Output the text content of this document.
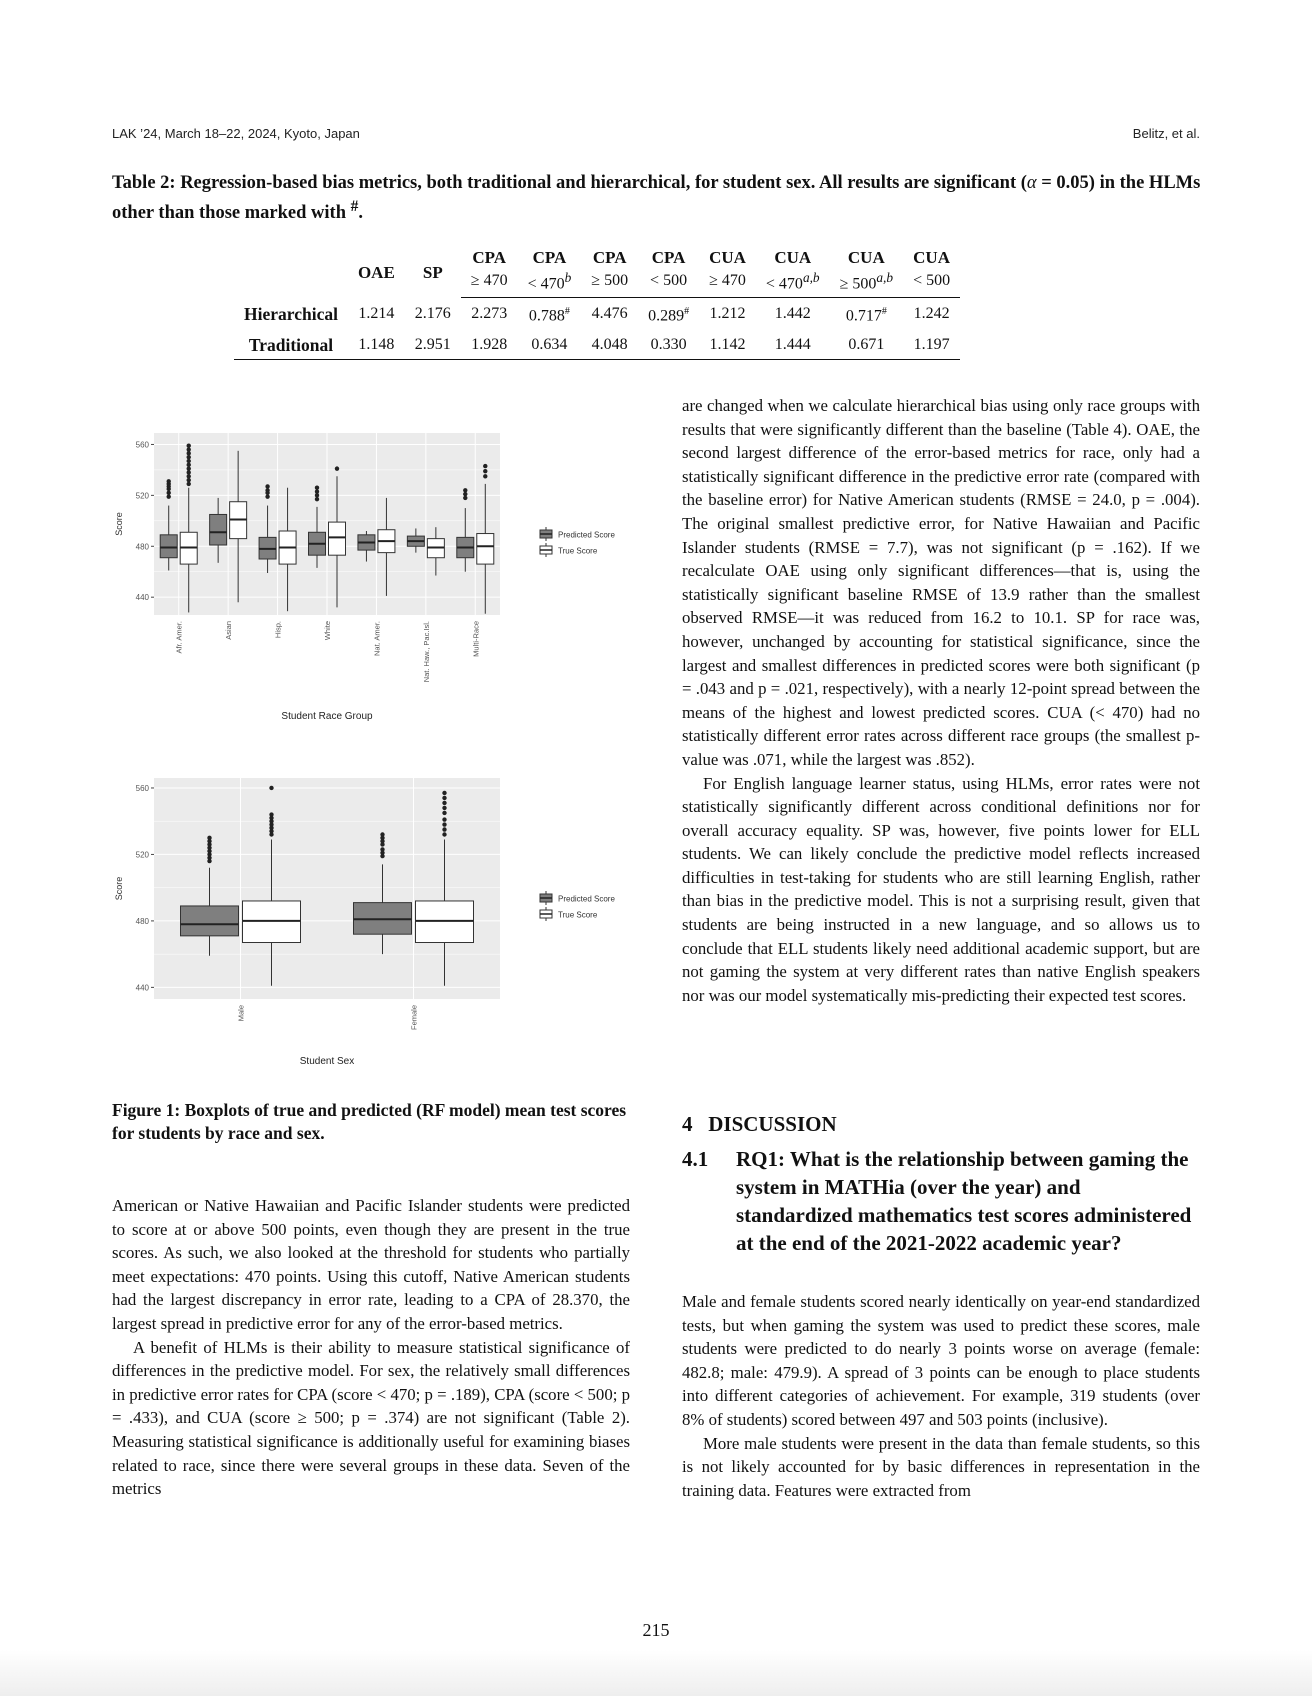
LAK ’24, March 18–22, 2024, Kyoto, Japan	Belitz, et al.

Table 2: Regression-based bias metrics, both traditional and hierarchical, for student sex. All results are significant (α = 0.05) in the HLMs other than those marked with #.

	OAE	SP	CPA	CPA	CPA	CPA	CUA	CUA	CUA	CUA
			≥ 470	< $470^b$	≥ 500	< 500	≥ 470	< $470^{a,b}$	≥ $500^{a,b}$	< 500
Hierarchical	1.214	2.176	2.273	0.788#	4.476	0.289#	1.212	1.442	0.717#	1.242
Traditional	1.148	2.951	1.928	0.634	4.048	0.330	1.142	1.444	0.671	1.197
440
480
520
560
Afr. Amer.	Asian	Hisp.	White	Nat. Amer.	Nat. Haw., Pac.Isl.	Multi-Race
Score
Student Race Group
Predicted Score
True Score
440
480
520
560
Male	Female
Score
Student Sex
Predicted Score
True Score

Figure 1: Boxplots of true and predicted (RF model) mean test scores for students by race and sex.

American or Native Hawaiian and Pacific Islander students were predicted to score at or above 500 points, even though they are present in the true scores. As such, we also looked at the threshold for students who partially meet expectations: 470 points. Using this cutoff, Native American students had the largest discrepancy in error rate, leading to a CPA of 28.370, the largest spread in predictive error for any of the error-based metrics.

A benefit of HLMs is their ability to measure statistical significance of differences in the predictive model. For sex, the relatively small differences in predictive error rates for CPA (score < 470; p = .189), CPA (score < 500; p = .433), and CUA (score ≥ 500; p = .374) are not significant (Table 2). Measuring statistical significance is additionally useful for examining biases related to race, since there were several groups in these data. Seven of the metrics

are changed when we calculate hierarchical bias using only race groups with results that were significantly different than the baseline (Table 4). OAE, the second largest difference of the error-based metrics for race, only had a statistically significant difference in the predictive error rate (compared with the baseline error) for Native American students (RMSE = 24.0, p = .004). The original smallest predictive error, for Native Hawaiian and Pacific Islander students (RMSE = 7.7), was not significant (p = .162). If we recalculate OAE using only significant differences—that is, using the statistically significant baseline RMSE of 13.9 rather than the smallest observed RMSE—it was reduced from 16.2 to 10.1. SP for race was, however, unchanged by accounting for statistical significance, since the largest and smallest differences in predicted scores were both significant (p = .043 and p = .021, respectively), with a nearly 12-point spread between the means of the highest and lowest predicted scores. CUA (< 470) had no statistically different error rates across different race groups (the smallest p-value was .071, while the largest was .852).

For English language learner status, using HLMs, error rates were not statistically significantly different across conditional definitions nor for overall accuracy equality. SP was, however, five points lower for ELL students. We can likely conclude the predictive model reflects increased difficulties in test-taking for students who are still learning English, rather than bias in the predictive model. This is not a surprising result, given that students are being instructed in a new language, and so allows us to conclude that ELL students likely need additional academic support, but are not gaming the system at very different rates than native English speakers nor was our model systematically mis-predicting their expected test scores.

4 DISCUSSION
4.1	RQ1: What is the relationship between gaming the system in MATHia (over the year) and standardized mathematics test scores administered at the end of the 2021-2022 academic year?

Male and female students scored nearly identically on year-end standardized tests, but when gaming the system was used to predict these scores, male students were predicted to do nearly 3 points worse on average (female: 482.8; male: 479.9). A spread of 3 points can be enough to place students into different categories of achievement. For example, 319 students (over 8% of students) scored between 497 and 503 points (inclusive).

More male students were present in the data than female students, so this is not likely accounted for by basic differences in representation in the training data. Features were extracted from

215
